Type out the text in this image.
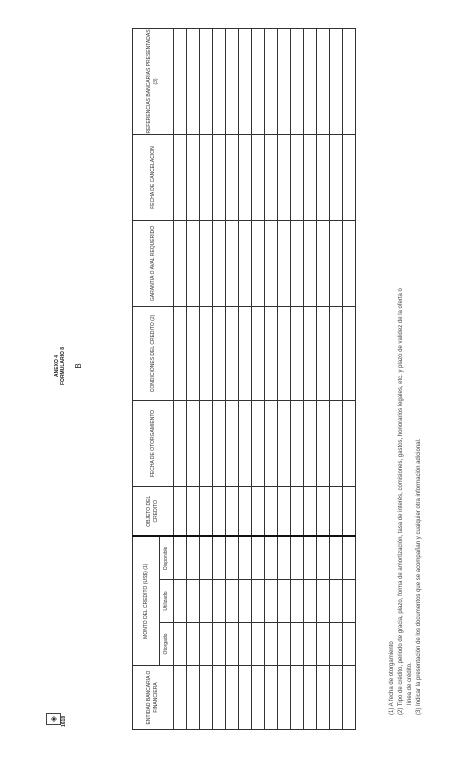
◈ 1618
ANEXO 4 FORMULARIO 8 B
ENTIDAD BANCARIA O FINANCIERA	MONTO DEL CREDITO (US$) (1)			OBJETO DEL CREDITO	FECHA DE OTORGAMIENTO	CONDICIONES DEL CREDITO (2)	GARANTIA O AVAL REQUERIDO	FECHA DE CANCELACION	REFERENCIAS BANCARIAS PRESENTADAS (3)
	Otorgado	Utilizado	Disponible						

(1) A fecha de otorgamiento (2) Tipo de crédito, periodo de gracia, plazo, forma de amortización, tasa de interés, comisiones, gastos, honorarios legales, etc. y plazo de validez de la oferta o línea de crédito. (3) Indicar la presentación de los documentos que se acompañan y cualquier otra información adicional.
